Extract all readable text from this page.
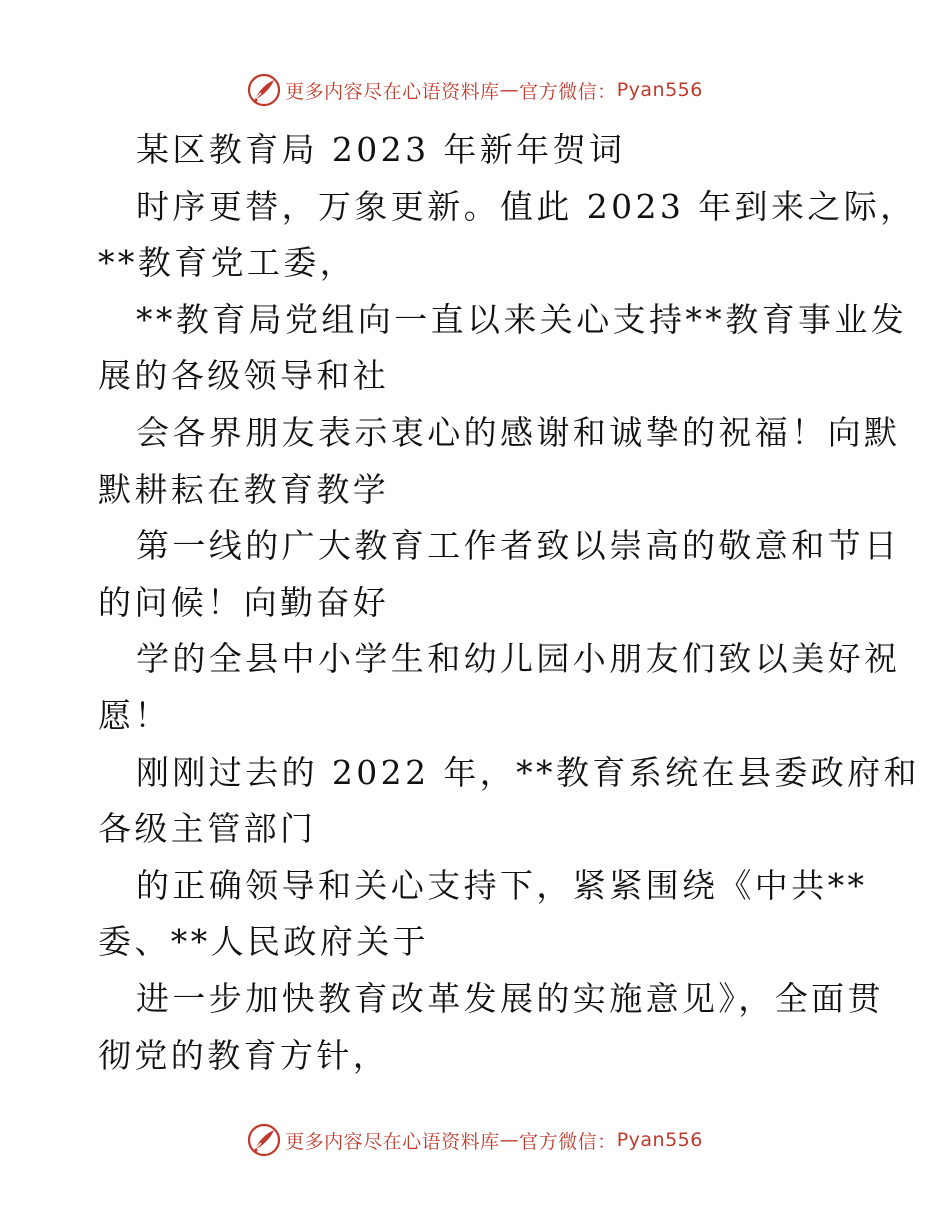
更多内容尽在心语资料库 — 官方微信： Pyan556
某区教育局 2023 年新年贺词
时序更替，万象更新。值此 2023 年到来之际，
**教育党工委，
**教育局党组向一直以来关心支持**教育事业发
展的各级领导和社
会各界朋友表示衷心的感谢和诚挚的祝福！向默
默耕耘在教育教学
第一线的广大教育工作者致以崇高的敬意和节日
的问候！向勤奋好
学的全县中小学生和幼儿园小朋友们致以美好祝
愿！
刚刚过去的 2022 年，**教育系统在县委政府和
各级主管部门
的正确领导和关心支持下，紧紧围绕《中共**
委、**人民政府关于
进一步加快教育改革发展的实施意见》，全面贯
彻党的教育方针，
更多内容尽在心语资料库 — 官方微信： Pyan556
